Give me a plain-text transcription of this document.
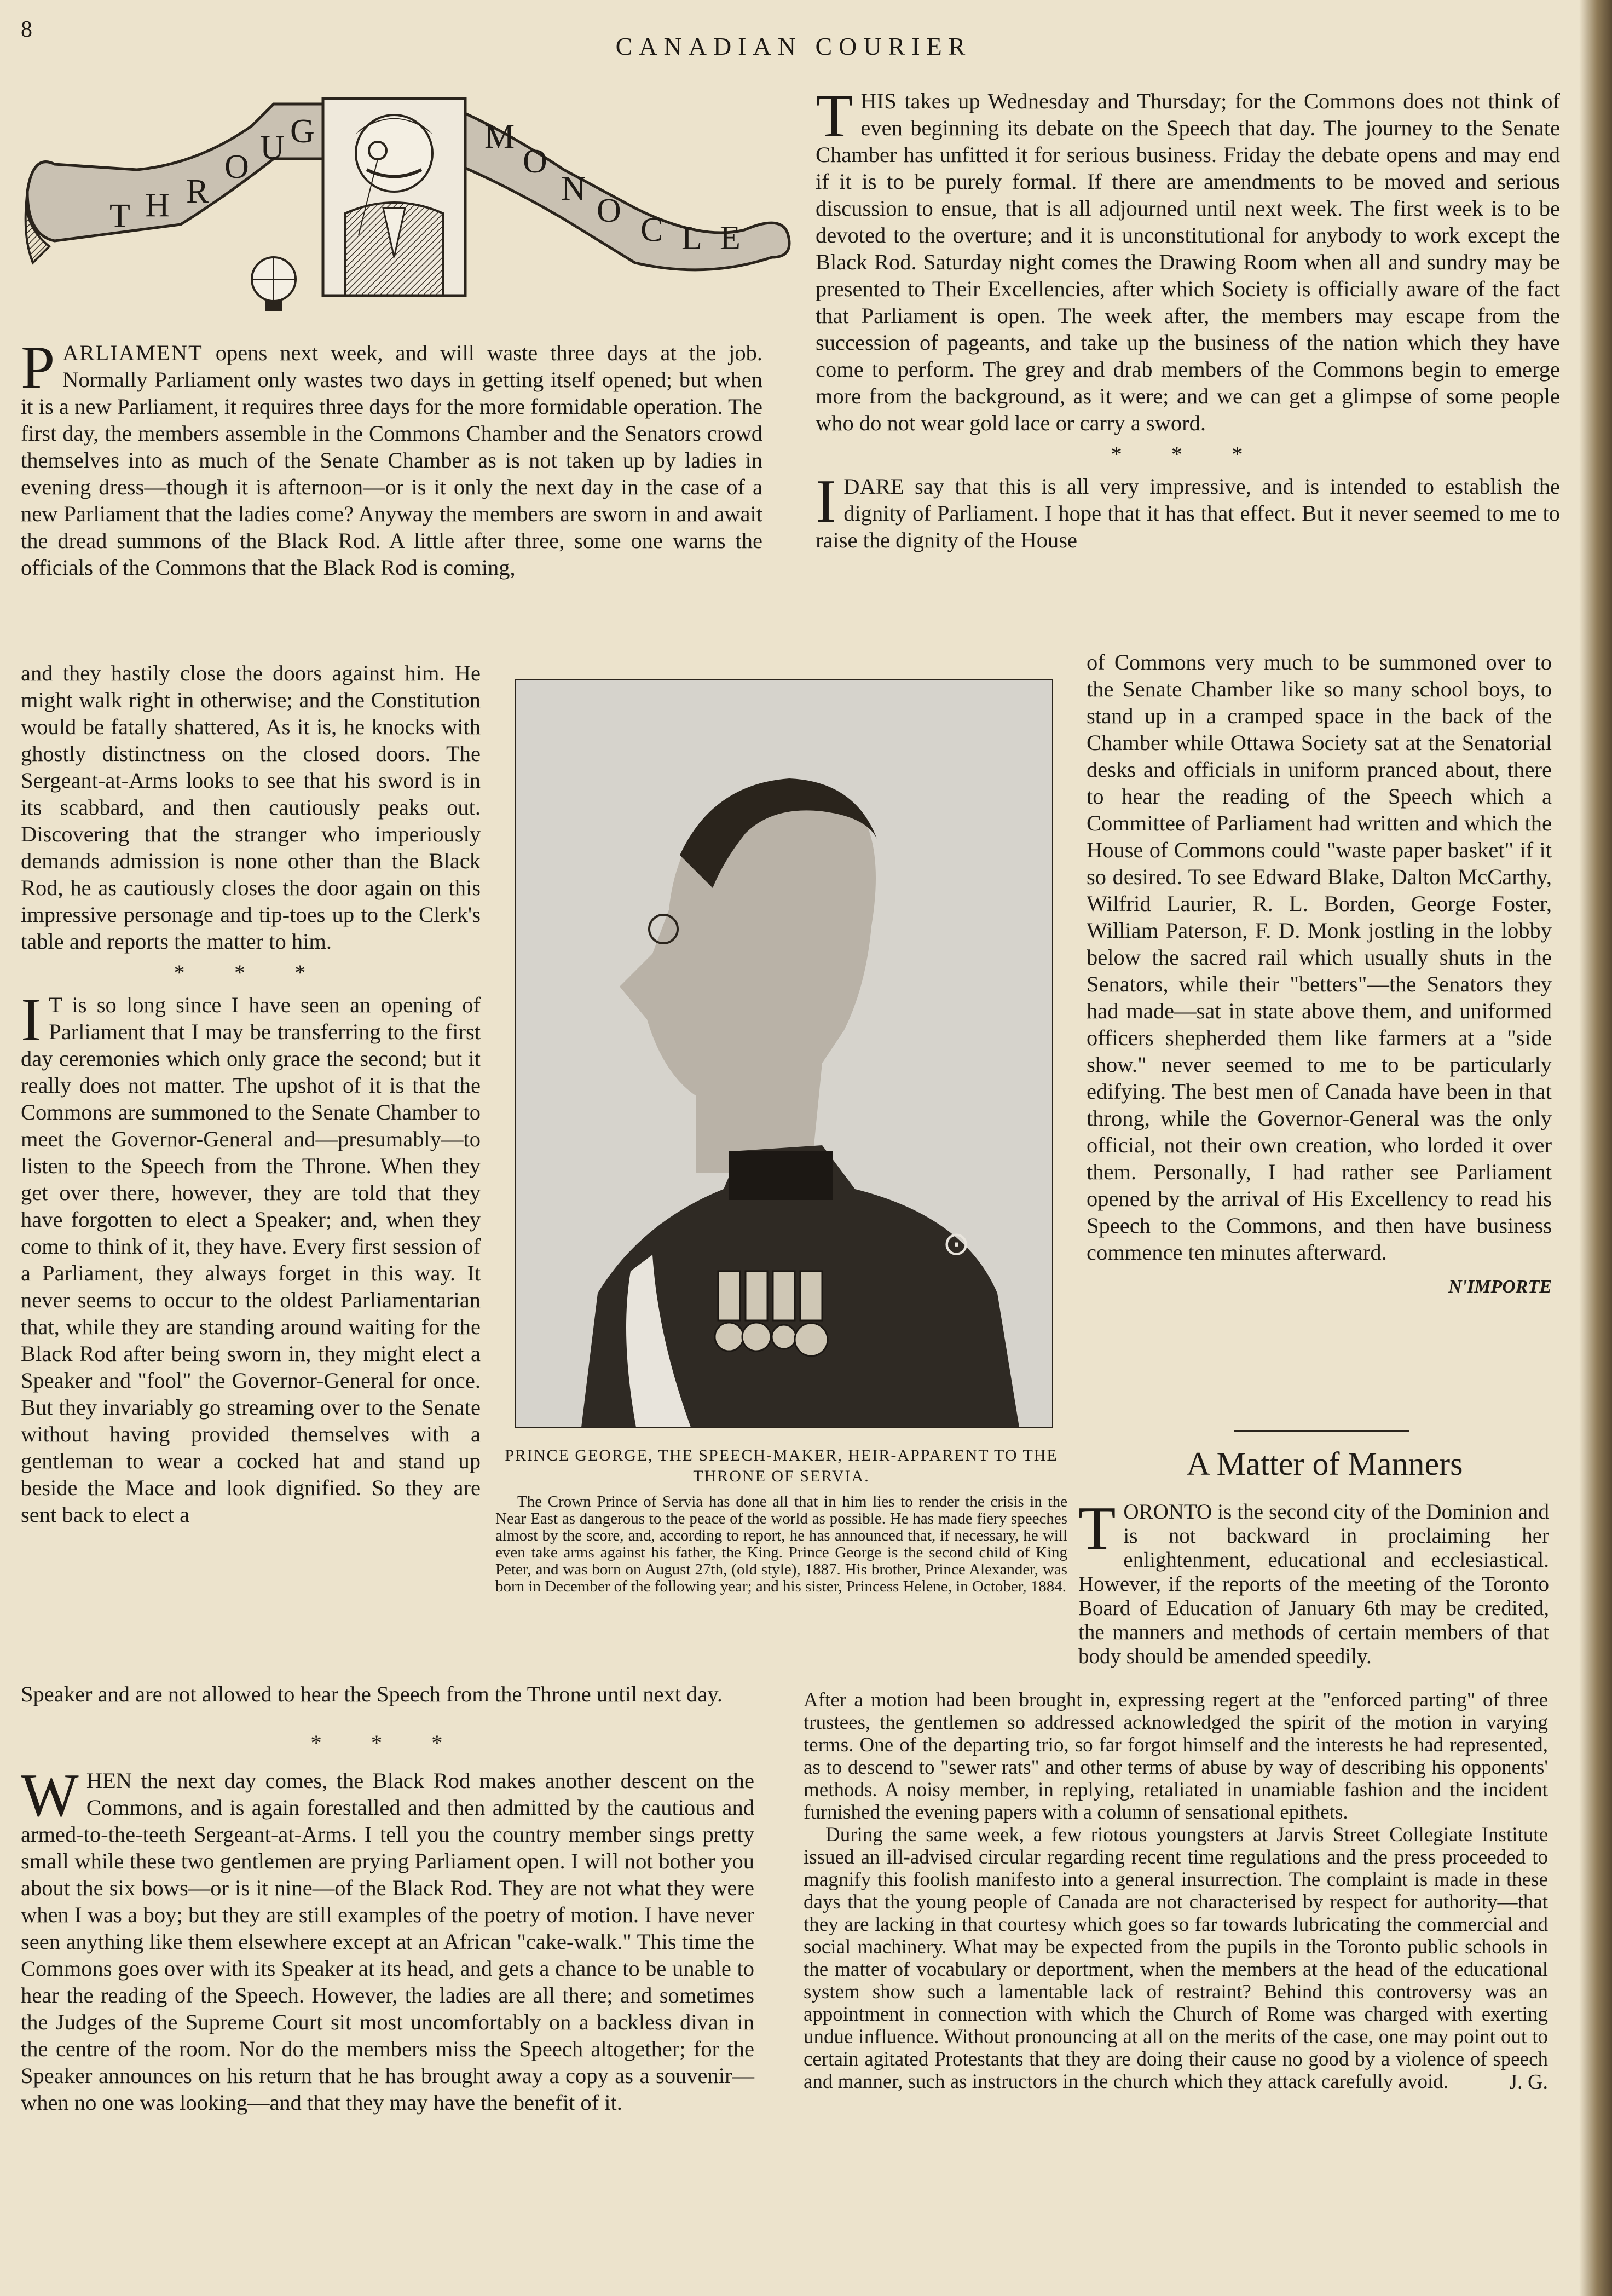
8
CANADIAN COURIER
T H R
O
U G	M
O
N
O
C L E

PARLIAMENT opens next week, and will waste three days at the job. Normally Parliament only wastes two days in getting itself opened; but when it is a new Parliament, it requires three days for the more formidable operation. The first day, the members assemble in the Commons Chamber and the Senators crowd themselves into as much of the Senate Chamber as is not taken up by ladies in evening dress—though it is afternoon—or is it only the next day in the case of a new Parliament that the ladies come? Anyway the members are sworn in and await the dread summons of the Black Rod. A little after three, some one warns the officials of the Commons that the Black Rod is coming,

and they hastily close the doors against him. He might walk right in otherwise; and the Constitution would be fatally shattered, As it is, he knocks with ghostly distinctness on the closed doors. The Sergeant-at-Arms looks to see that his sword is in its scabbard, and then cautiously peaks out. Discovering that the stranger who imperiously demands admission is none other than the Black Rod, he as cautiously closes the door again on this impressive personage and tip-toes up to the Clerk's table and reports the matter to him.

* * *

I T is so long since I have seen an opening of Parliament that I may be transferring to the first day ceremonies which only grace the second; but it really does not matter. The upshot of it is that the Commons are summoned to the Senate Chamber to meet the Governor-General and—presumably—to listen to the Speech from the Throne. When they get over there, however, they are told that they have forgotten to elect a Speaker; and, when they come to think of it, they have. Every first session of a Parliament, they always forget in this way. It never seems to occur to the oldest Parliamentarian that, while they are standing around waiting for the Black Rod after being sworn in, they might elect a Speaker and "fool" the Governor-General for once. But they invariably go streaming over to the Senate without having provided themselves with a gentleman to wear a cocked hat and stand up beside the Mace and look dignified. So they are sent back to elect a

Speaker and are not allowed to hear the Speech from the Throne until next day.

* * *

WHEN the next day comes, the Black Rod makes another descent on the Commons, and is again forestalled and then admitted by the cautious and armed-to-the-teeth Sergeant-at-Arms. I tell you the country member sings pretty small while these two gentlemen are prying Parliament open. I will not bother you about the six bows—or is it nine—of the Black Rod. They are not what they were when I was a boy; but they are still examples of the poetry of motion. I have never seen anything like them elsewhere except at an African "cake-walk." This time the Commons goes over with its Speaker at its head, and gets a chance to be unable to hear the reading of the Speech. However, the ladies are all there; and sometimes the Judges of the Supreme Court sit most uncomfortably on a backless divan in the centre of the room. Nor do the members miss the Speech altogether; for the Speaker announces on his return that he has brought away a copy as a souvenir—when no one was looking—and that they may have the benefit of it.

⊙
PRINCE GEORGE, THE SPEECH-MAKER, HEIR-APPARENT TO THE THRONE OF SERVIA.
The Crown Prince of Servia has done all that in him lies to render the crisis in the Near East as dangerous to the peace of the world as possible. He has made fiery speeches almost by the score, and, according to report, he has announced that, if necessary, he will even take arms against his father, the King. Prince George is the second child of King Peter, and was born on August 27th, (old style), 1887. His brother, Prince Alexander, was born in December of the following year; and his sister, Princess Helene, in October, 1884.

THIS takes up Wednesday and Thursday; for the Commons does not think of even beginning its debate on the Speech that day. The journey to the Senate Chamber has unfitted it for serious business. Friday the debate opens and may end if it is to be purely formal. If there are amendments to be moved and serious discussion to ensue, that is all adjourned until next week. The first week is to be devoted to the overture; and it is unconstitutional for anybody to work except the Black Rod. Saturday night comes the Drawing Room when all and sundry may be presented to Their Excellencies, after which Society is officially aware of the fact that Parliament is open. The week after, the members may escape from the succession of pageants, and take up the business of the nation which they have come to perform. The grey and drab members of the Commons begin to emerge more from the background, as it were; and we can get a glimpse of some people who do not wear gold lace or carry a sword.

* * *

I DARE say that this is all very impressive, and is intended to establish the dignity of Parliament. I hope that it has that effect. But it never seemed to me to raise the dignity of the House

of Commons very much to be summoned over to the Senate Chamber like so many school boys, to stand up in a cramped space in the back of the Chamber while Ottawa Society sat at the Senatorial desks and officials in uniform pranced about, there to hear the reading of the Speech which a Committee of Parliament had written and which the House of Commons could "waste paper basket" if it so desired. To see Edward Blake, Dalton McCarthy, Wilfrid Laurier, R. L. Borden, George Foster, William Paterson, F. D. Monk jostling in the lobby below the sacred rail which usually shuts in the Senators, while their "betters"—the Senators they had made—sat in state above them, and uniformed officers shepherded them like farmers at a "side show." never seemed to me to be particularly edifying. The best men of Canada have been in that throng, while the Governor-General was the only official, not their own creation, who lorded it over them. Personally, I had rather see Parliament opened by the arrival of His Excellency to read his Speech to the Commons, and then have business commence ten minutes afterward.

N'IMPORTE
A Matter of Manners

TORONTO is the second city of the Dominion and is not backward in proclaiming her enlightenment, educational and ecclesiastical. However, if the reports of the meeting of the Toronto Board of Education of January 6th may be credited, the manners and methods of certain members of that body should be amended speedily.

After a motion had been brought in, expressing regert at the "enforced parting" of three trustees, the gentlemen so addressed acknowledged the spirit of the motion in varying terms. One of the departing trio, so far forgot himself and the interests he had represented, as to descend to "sewer rats" and other terms of abuse by way of describing his opponents' methods. A noisy member, in replying, retaliated in unamiable fashion and the incident furnished the evening papers with a column of sensational epithets.

During the same week, a few riotous youngsters at Jarvis Street Collegiate Institute issued an ill-advised circular regarding recent time regulations and the press proceeded to magnify this foolish manifesto into a general insurrection. The complaint is made in these days that the young people of Canada are not characterised by respect for authority—that they are lacking in that courtesy which goes so far towards lubricating the commercial and social machinery. What may be expected from the pupils in the Toronto public schools in the matter of vocabulary or deportment, when the members at the head of the educational system show such a lamentable lack of restraint? Behind this controversy was an appointment in connection with which the Church of Rome was charged with exerting undue influence. Without pronouncing at all on the merits of the case, one may point out to certain agitated Protestants that they are doing their cause no good by a violence of speech and manner, such as instructors in the church which they attack carefully avoid.	J. G.
